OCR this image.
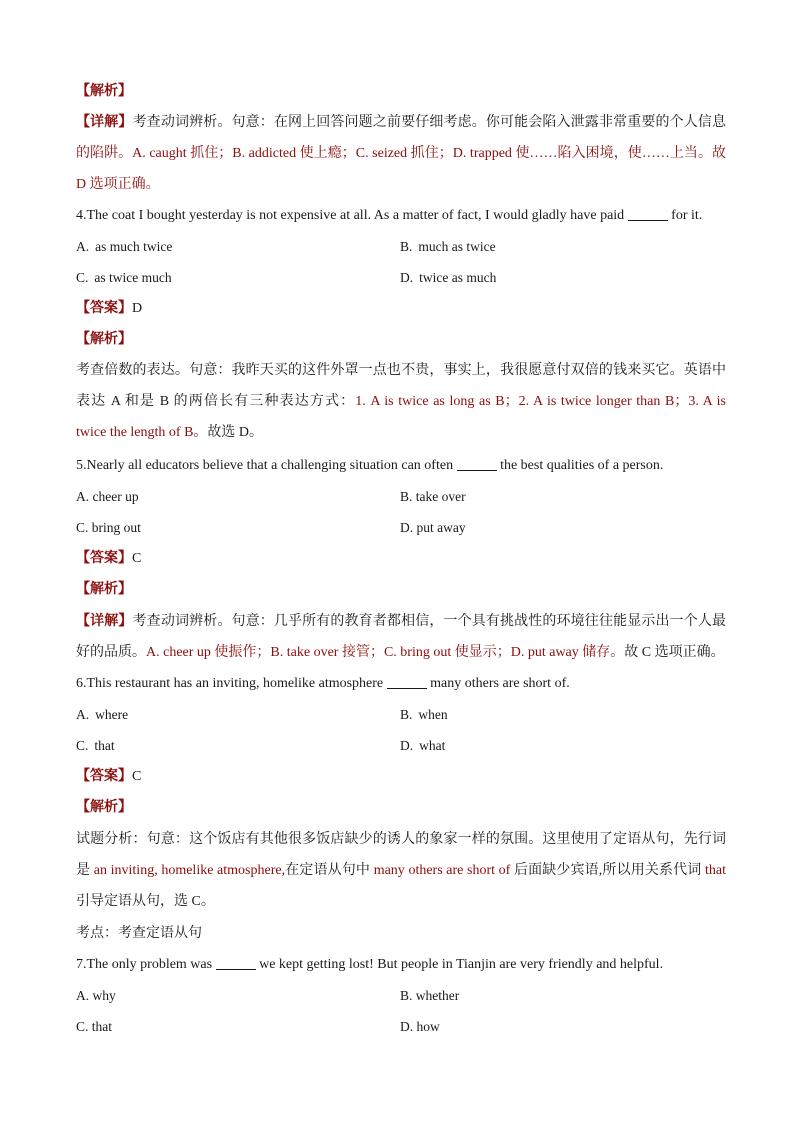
【解析】
【详解】考查动词辨析。句意：在网上回答问题之前要仔细考虑。你可能会陷入泄露非常重要的个人信息
的陷阱。A. caught 抓住；B. addicted 使上瘾；C. seized 抓住；D. trapped 使……陷入困境，使……上当。故
D 选项正确。
4.The coat I bought yesterday is not expensive at all. As a matter of fact, I would gladly have paid	for it.
A. as much twice	B. much as twice
C. as twice much	D. twice as much
【答案】D
【解析】
考查倍数的表达。句意：我昨天买的这件外罩一点也不贵，事实上，我很愿意付双倍的钱来买它。英语中
表达 A 和是 B 的两倍长有三种表达方式：1. A is twice as long as B；2. A is twice longer than B；3. A is
twice the length of B。故选 D。
5.Nearly all educators believe that a challenging situation can often	the best qualities of a person.
A. cheer up	B. take over
C. bring out	D. put away
【答案】C
【解析】
【详解】考查动词辨析。句意：几乎所有的教育者都相信，一个具有挑战性的环境往往能显示出一个人最
好的品质。A. cheer up 使振作；B. take over 接管；C. bring out 使显示；D. put away 储存。故 C 选项正确。
6.This restaurant has an inviting, homelike atmosphere	many others are short of.
A. where	B. when
C. that	D. what
【答案】C
【解析】
试题分析：句意：这个饭店有其他很多饭店缺少的诱人的象家一样的氛围。这里使用了定语从句，先行词
是 an inviting, homelike atmosphere,在定语从句中 many others are short of 后面缺少宾语,所以用关系代词 that
引导定语从句，选 C。
考点：考查定语从句
7.The only problem was	we kept getting lost! But people in Tianjin are very friendly and helpful.
A. why	B. whether
C. that	D. how
